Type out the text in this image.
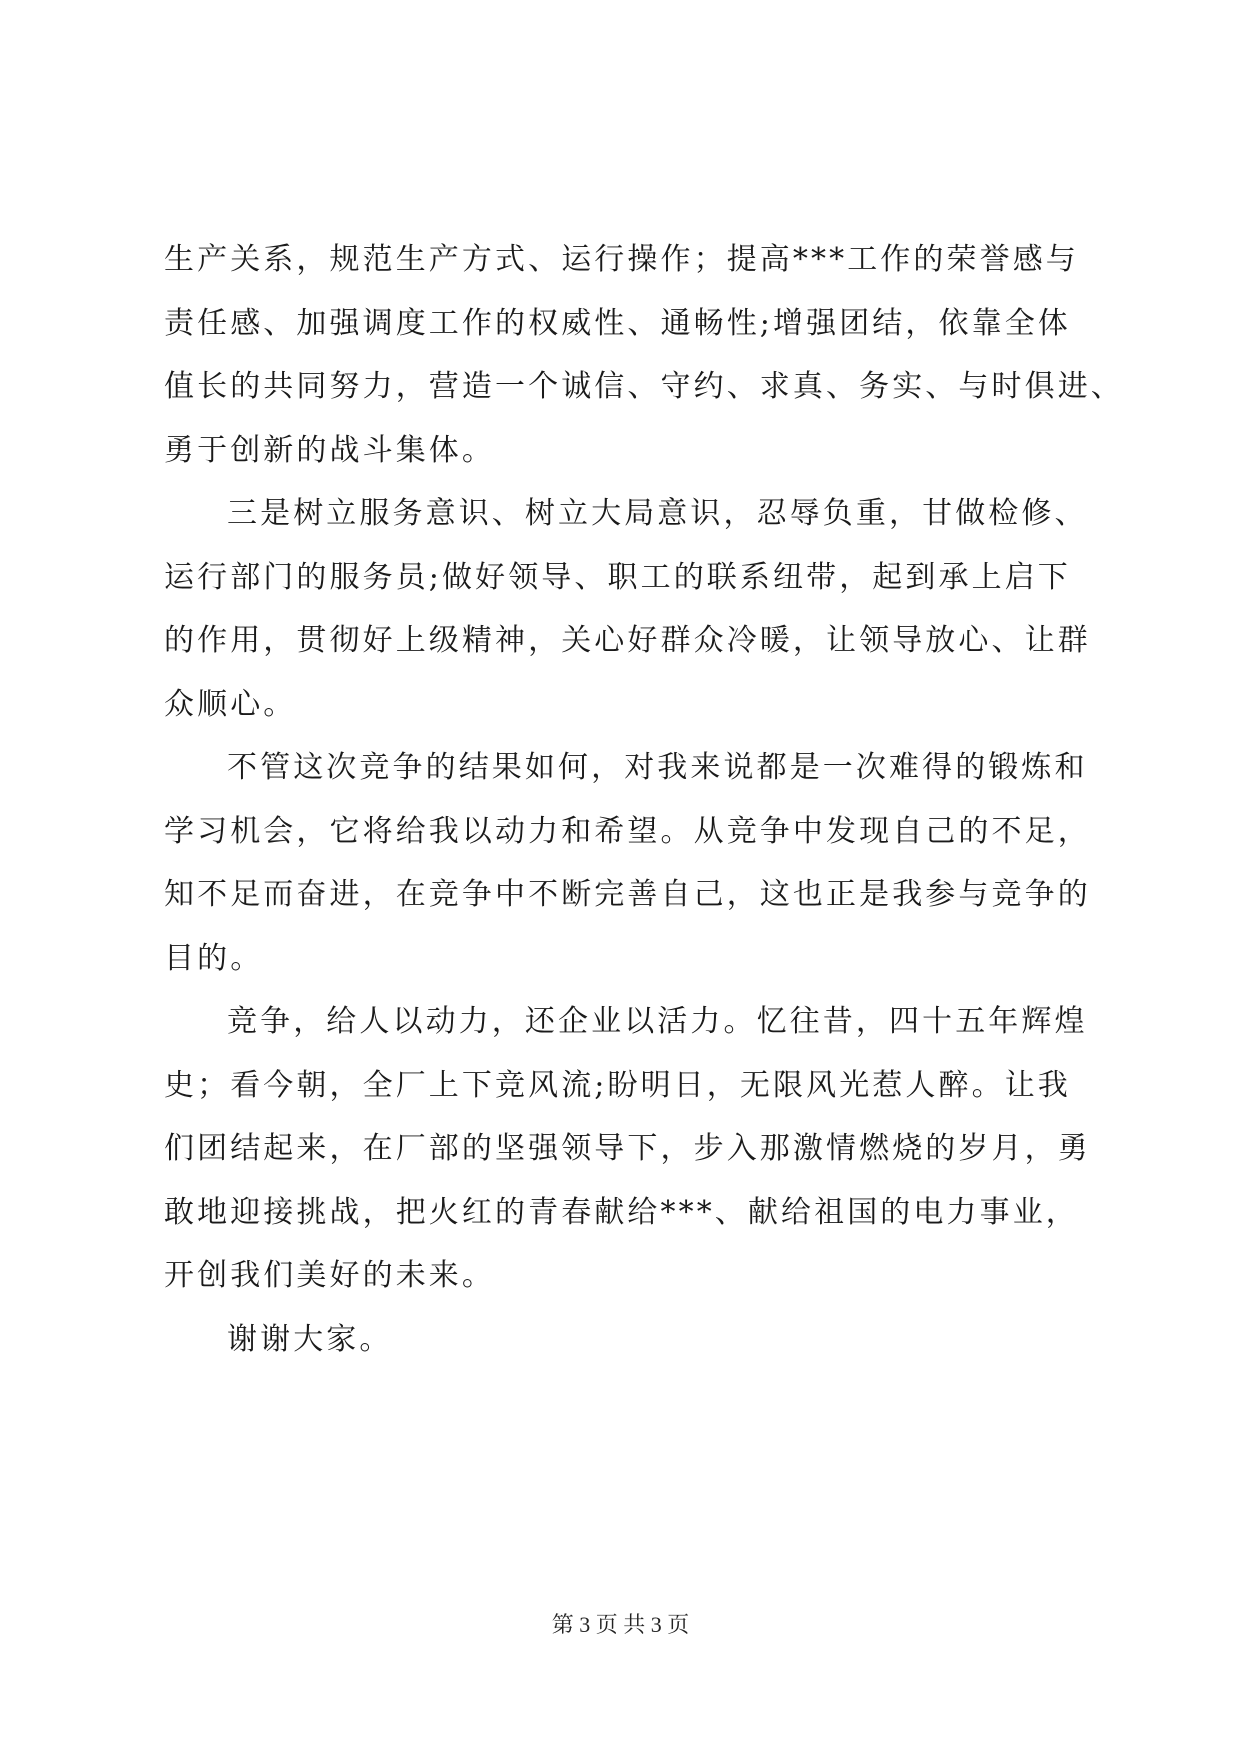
生产关系，规范生产方式、运行操作；提高***工作的荣誉感与
责任感、加强调度工作的权威性、通畅性;增强团结，依靠全体
值长的共同努力，营造一个诚信、守约、求真、务实、与时俱进、
勇于创新的战斗集体。
三是树立服务意识、树立大局意识，忍辱负重，甘做检修、
运行部门的服务员;做好领导、职工的联系纽带，起到承上启下
的作用，贯彻好上级精神，关心好群众冷暖，让领导放心、让群
众顺心。
不管这次竞争的结果如何，对我来说都是一次难得的锻炼和
学习机会，它将给我以动力和希望。从竞争中发现自己的不足，
知不足而奋进，在竞争中不断完善自己，这也正是我参与竞争的
目的。
竞争，给人以动力，还企业以活力。忆往昔，四十五年辉煌
史；看今朝，全厂上下竞风流;盼明日，无限风光惹人醉。让我
们团结起来，在厂部的坚强领导下，步入那激情燃烧的岁月，勇
敢地迎接挑战，把火红的青春献给***、献给祖国的电力事业，
开创我们美好的未来。
谢谢大家。
第 3 页 共 3 页
